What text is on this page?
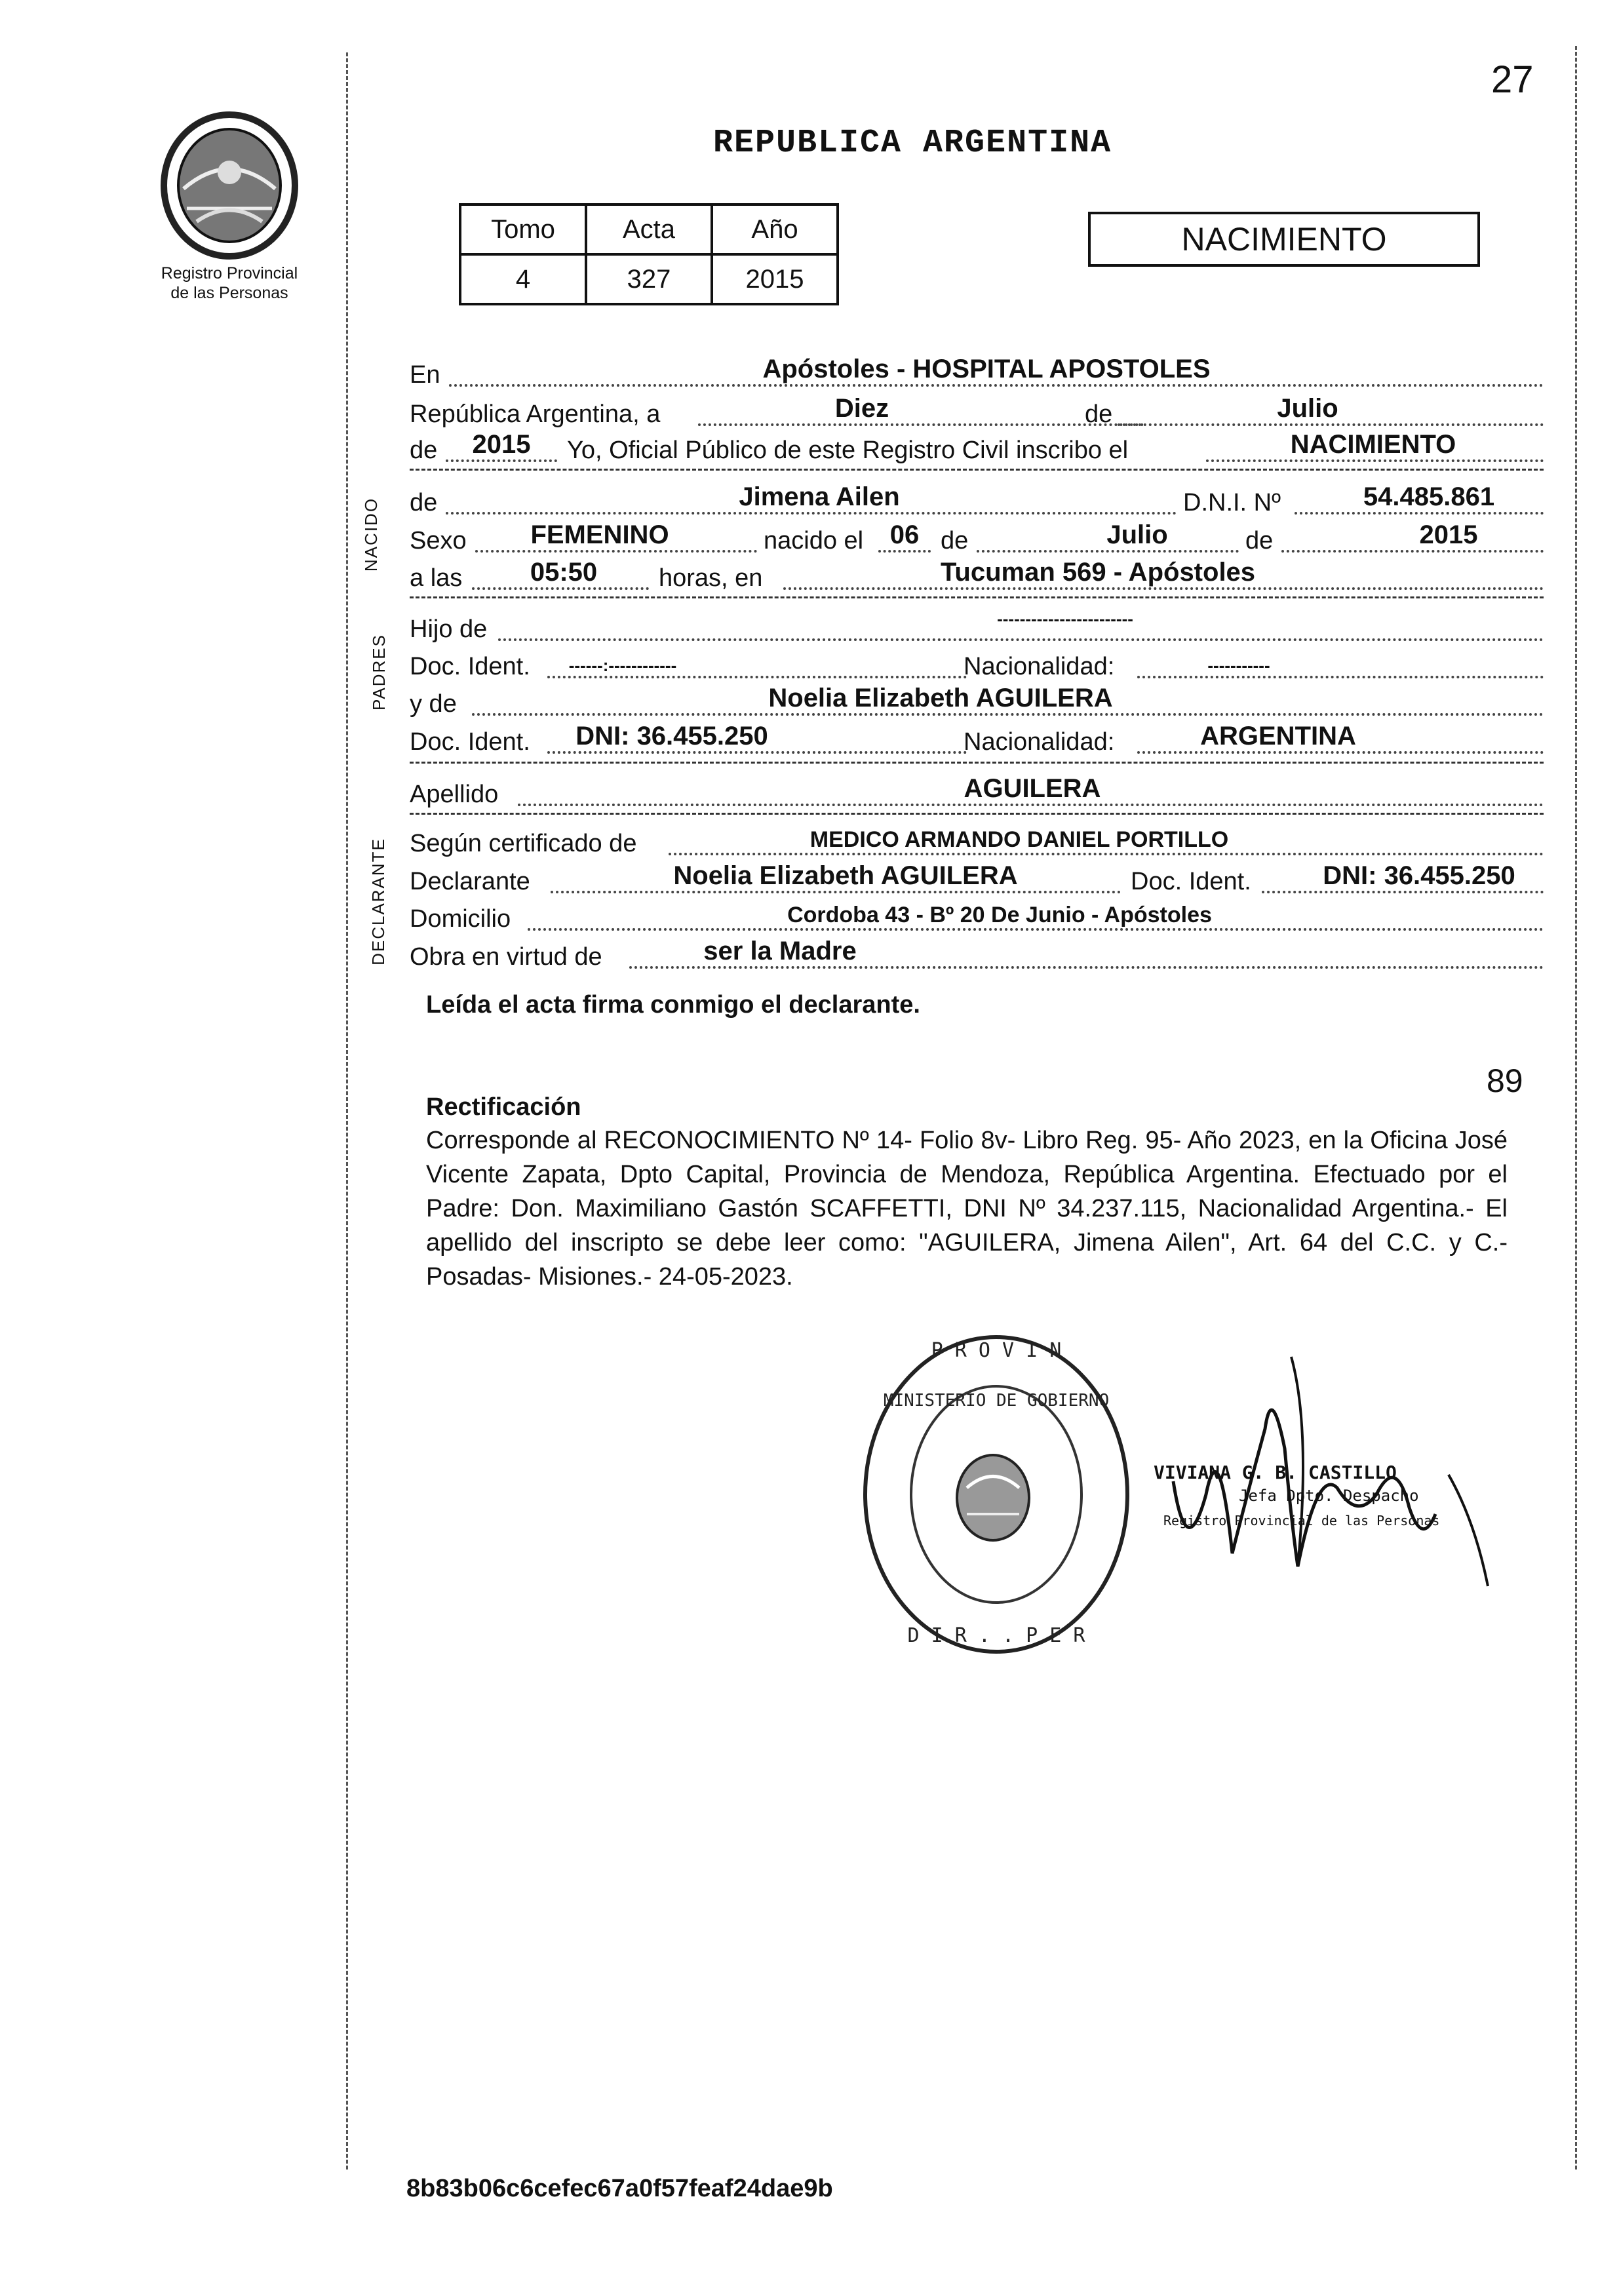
27
Registro Provincial
de las Personas
REPUBLICA ARGENTINA
Tomo	Acta	Año
4	327	2015
NACIMIENTO
En	Apóstoles - HOSPITAL APOSTOLES
República Argentina, a	Diez	de	Julio
de 2015 Yo, Oficial Público de este Registro Civil inscribo el	NACIMIENTO
NACIDO de	Jimena Ailen	D.N.I. Nº	54.485.861
Sexo FEMENINO	nacido el 06 de	Julio	de	2015
a las	05:50 horas, en	Tucuman 569 - Apóstoles
PADRES
Hijo de	------------------------
Doc. Ident. ------:------------	Nacionalidad:	-----------
y de	Noelia Elizabeth AGUILERA
Doc. Ident. DNI: 36.455.250	Nacionalidad:	ARGENTINA
Apellido	AGUILERA
DECLARANTE Según certificado de	MEDICO ARMANDO DANIEL PORTILLO
Declarante	Noelia Elizabeth AGUILERA	Doc. Ident.	DNI: 36.455.250
Domicilio	Cordoba 43 - Bº 20 De Junio - Apóstoles
Obra en virtud de	ser la Madre
Leída el acta firma conmigo el declarante.
89
Rectificación
Corresponde al RECONOCIMIENTO Nº 14- Folio 8v- Libro Reg. 95- Año 2023, en la Oficina José Vicente Zapata, Dpto Capital, Provincia de Mendoza, República Argentina. Efectuado por el Padre: Don. Maximiliano Gastón SCAFFETTI, DNI Nº 34.237.115, Nacionalidad Argentina.- El apellido del inscripto se debe leer como: "AGUILERA, Jimena Ailen", Art. 64 del C.C. y C.- Posadas- Misiones.- 24-05-2023.
P R O V I N
D I R . . P E R
MINISTERIO DE GOBIERNO
VIVIANA G. B. CASTILLO
Jefa Dpto. Despacho
Registro Provincial de las Personas
8b83b06c6cefec67a0f57feaf24dae9b
